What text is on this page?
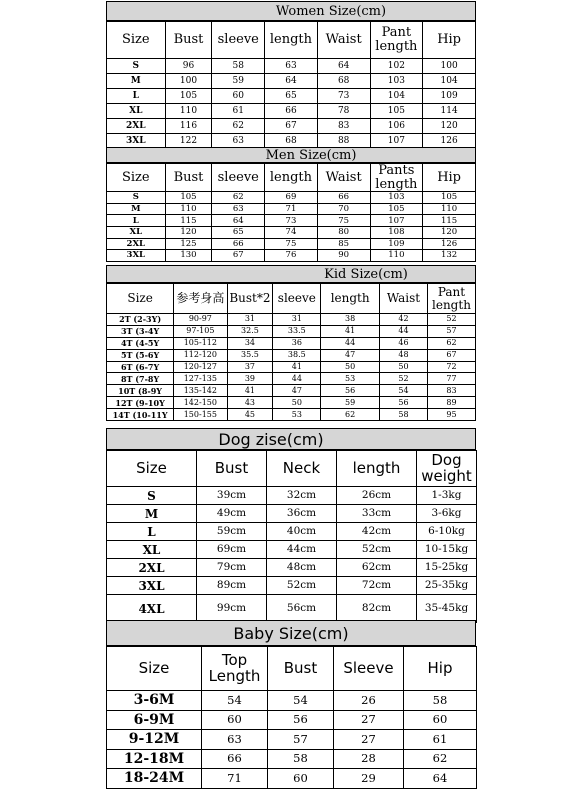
Women Size(cm)
Size	Bust	sleeve	length	Waist	Pant length	Hip
S	96	58	63	64	102	100
M	100	59	64	68	103	104
L	105	60	65	73	104	109
XL	110	61	66	78	105	114
2XL	116	62	67	83	106	120
3XL	122	63	68	88	107	126
Men Size(cm)
Size	Bust	sleeve	length	Waist	Pants length	Hip
S	105	62	69	66	103	105
M	110	63	71	70	105	110
L	115	64	73	75	107	115
XL	120	65	74	80	108	120
2XL	125	66	75	85	109	126
3XL	130	67	76	90	110	132
Kid Size(cm)
Size	参考身高	Bust*2	sleeve	length	Waist	Pant length
2T (2-3Y)	90-97	31	31	38	42	52
3T (3-4Y	97-105	32.5	33.5	41	44	57
4T (4-5Y	105-112	34	36	44	46	62
5T (5-6Y	112-120	35.5	38.5	47	48	67
6T (6-7Y	120-127	37	41	50	50	72
8T (7-8Y	127-135	39	44	53	52	77
10T (8-9Y	135-142	41	47	56	54	83
12T (9-10Y	142-150	43	50	59	56	89
14T (10-11Y	150-155	45	53	62	58	95
Dog zise(cm)
Size	Bust	Neck	length	Dog weight
S	39cm	32cm	26cm	1-3kg
M	49cm	36cm	33cm	3-6kg
L	59cm	40cm	42cm	6-10kg
XL	69cm	44cm	52cm	10-15kg
2XL	79cm	48cm	62cm	15-25kg
3XL	89cm	52cm	72cm	25-35kg
4XL	99cm	56cm	82cm	35-45kg
Baby Size(cm)
Size	Top Length	Bust	Sleeve	Hip
3-6M	54	54	26	58
6-9M	60	56	27	60
9-12M	63	57	27	61
12-18M	66	58	28	62
18-24M	71	60	29	64
